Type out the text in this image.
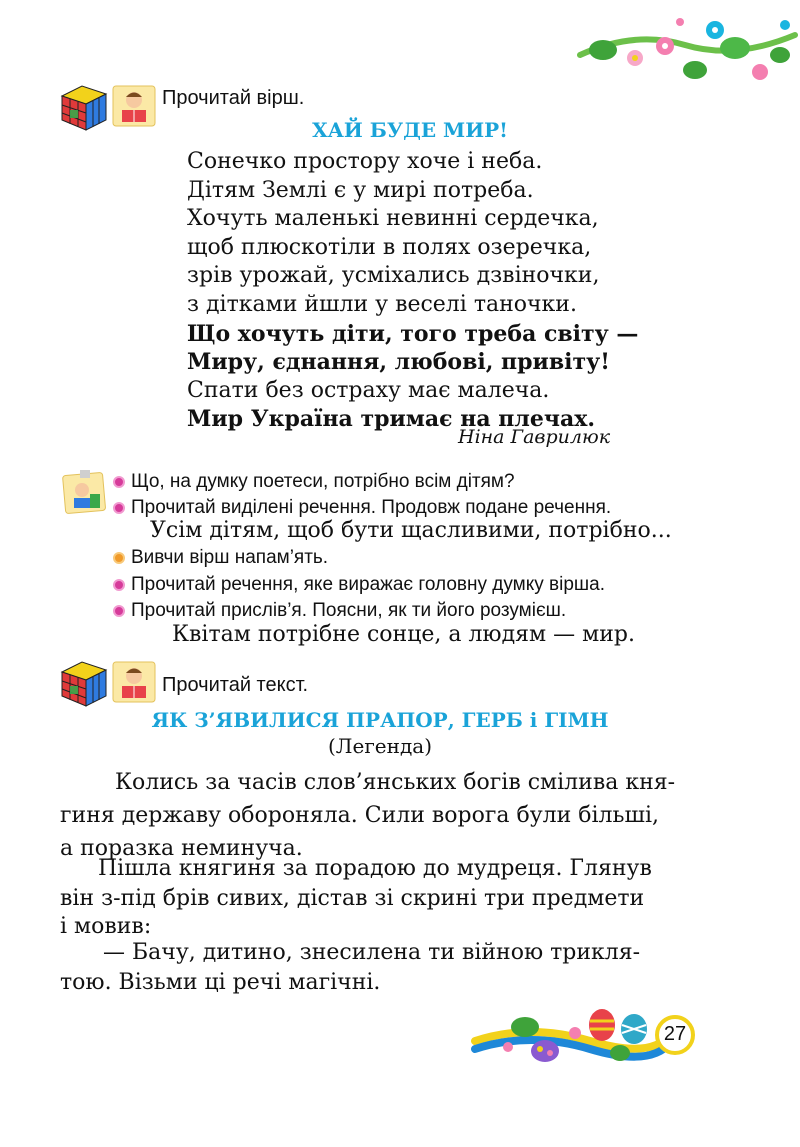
Прочитай вірш.
ХАЙ БУДЕ МИР!
Сонечко простору хоче і неба.
Дітям Землі є у мирі потреба.
Хочуть маленькі невинні сердечка,
щоб плюскотіли в полях озеречка,
зрів урожай, усміхались дзвіночки,
з дітками йшли у веселі таночки.
Що хочуть діти, того треба світу —
Миру, єднання, любові, привіту!
Спати без остраху має малеча.
Мир Україна тримає на плечах.
Ніна Гаврилюк
Що, на думку поетеси, потрібно всім дітям?
Прочитай виділені речення. Продовж подане речення.
Усім дітям, щоб бути щасливими, потрібно...
Вивчи вірш напам’ять.
Прочитай речення, яке виражає головну думку вірша.
Прочитай прислів’я. Поясни, як ти його розумієш.
Квітам потрібне сонце, а людям — мир.
Прочитай текст.
ЯК З’ЯВИЛИСЯ ПРАПОР, ГЕРБ і ГІМН
(Легенда)
Колись за часів слов’янських богів смілива кня-
гиня державу обороняла. Сили ворога були більші,
а поразка неминуча.
Пішла княгиня за порадою до мудреця. Глянув
він з-під брів сивих, дістав зі скрині три предмети
і мовив:
— Бачу, дитино, знесилена ти війною трикля-
тою. Візьми ці речі магічні.
27
